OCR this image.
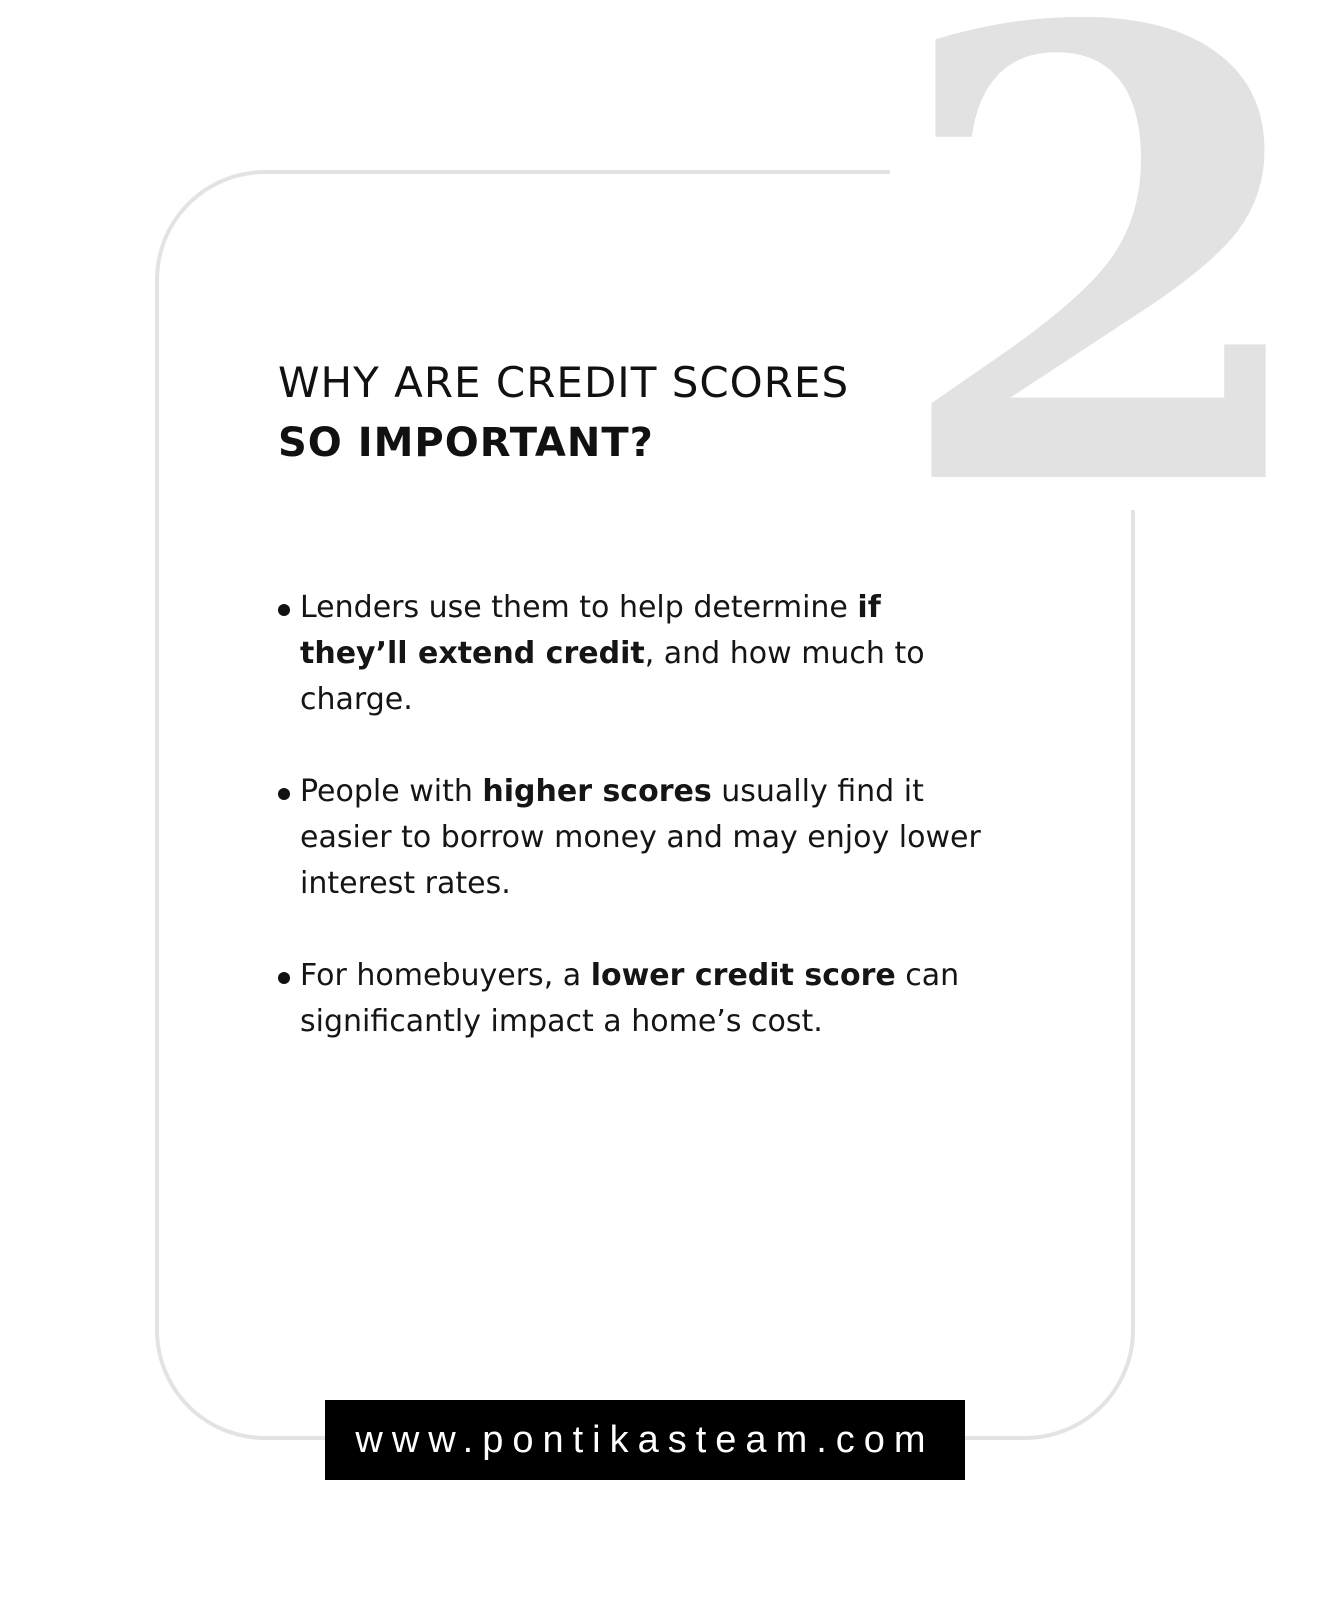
2
WHY ARE CREDIT SCORES
SO IMPORTANT?
Lenders use them to help determine if they’ll extend credit, and how much to charge.
People with higher scores usually find it easier to borrow money and may enjoy lower interest rates.
For homebuyers, a lower credit score can significantly impact a home’s cost.
www.pontikasteam.com
